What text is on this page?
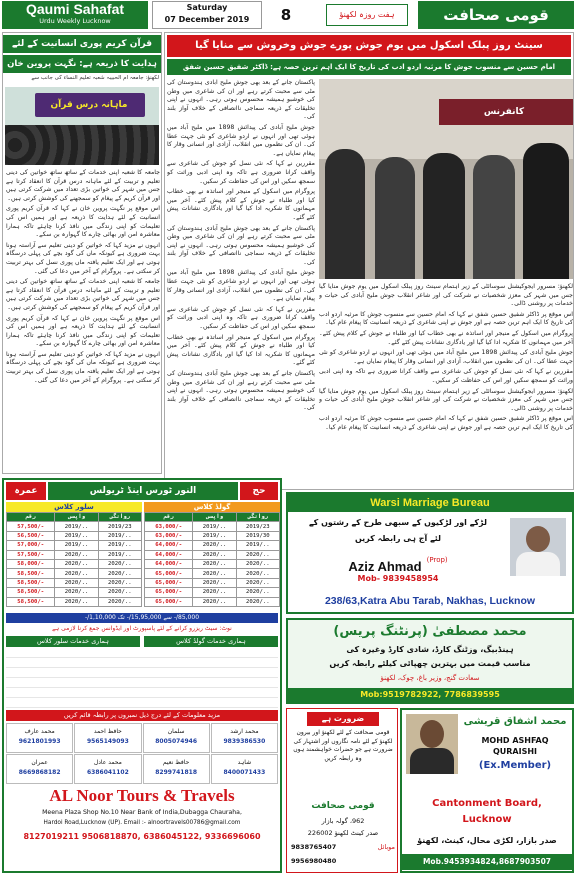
Qaumi Sahafat
Urdu Weekly Lucknow
Saturday
07 December 2019	8	ہفت روزہ لکھنؤ	قومی صحافت
قرآن کریم پوری انسانیت کے لئے
ہدایت کا ذریعہ ہے: نگہت پروین خان
لکھنؤ: جامعہ ام الحبیبہ شعبہ تعلیم النساء کی جانب سے
ماہانہ درس قرآن

جامعہ کا شعبہ اپنی خدمات کے ساتھ ساتھ خواتین کی دینی تعلیم و تربیت کے لئے ماہانہ درس قرآن کا انعقاد کرتا ہے جس میں شہر کی خواتین بڑی تعداد میں شرکت کرتی ہیں اور قرآن کریم کے پیغام کو سمجھنے کی کوشش کرتی ہیں۔

اس موقع پر نگہت پروین خان نے کہا کہ قرآن کریم پوری انسانیت کے لئے ہدایت کا ذریعہ ہے اور ہمیں اس کی تعلیمات کو اپنی زندگی میں نافذ کرنا چاہئے تاکہ ہمارا معاشرہ امن اور بھائی چارے کا گہوارہ بن سکے۔

انہوں نے مزید کہا کہ خواتین کو دینی تعلیم سے آراستہ ہونا بہت ضروری ہے کیونکہ ماں کی گود بچے کی پہلی درسگاہ ہوتی ہے اور ایک تعلیم یافتہ ماں پوری نسل کی بہتر تربیت کر سکتی ہے۔ پروگرام کے آخر میں دعا کی گئی۔

جامعہ کا شعبہ اپنی خدمات کے ساتھ ساتھ خواتین کی دینی تعلیم و تربیت کے لئے ماہانہ درس قرآن کا انعقاد کرتا ہے جس میں شہر کی خواتین بڑی تعداد میں شرکت کرتی ہیں اور قرآن کریم کے پیغام کو سمجھنے کی کوشش کرتی ہیں۔

اس موقع پر نگہت پروین خان نے کہا کہ قرآن کریم پوری انسانیت کے لئے ہدایت کا ذریعہ ہے اور ہمیں اس کی تعلیمات کو اپنی زندگی میں نافذ کرنا چاہئے تاکہ ہمارا معاشرہ امن اور بھائی چارے کا گہوارہ بن سکے۔

انہوں نے مزید کہا کہ خواتین کو دینی تعلیم سے آراستہ ہونا بہت ضروری ہے کیونکہ ماں کی گود بچے کی پہلی درسگاہ ہوتی ہے اور ایک تعلیم یافتہ ماں پوری نسل کی بہتر تربیت کر سکتی ہے۔ پروگرام کے آخر میں دعا کی گئی۔

سینٹ روز پبلک اسکول میں یوم جوش پورے جوش وخروش سے منایا گیا
امام حسین سے منسوب جوش کا مرثیہ اردو ادب کی تاریخ کا ایک اہم ترین حصہ ہے: ڈاکٹر شفیق حسین شفق

پاکستان جانے کے بعد بھی جوش ملیح آبادی ہندوستان کی مٹی سے محبت کرتے رہے اور ان کی شاعری میں وطن کی خوشبو ہمیشہ محسوس ہوتی رہی۔ انہوں نے اپنی تخلیقات کے ذریعہ سماجی ناانصافی کے خلاف آواز بلند کی۔

جوش ملیح آبادی کی پیدائش 1898 میں ملیح آباد میں ہوئی تھی اور انہوں نے اردو شاعری کو نئی جہت عطا کی۔ ان کی نظموں میں انقلاب، آزادی اور انسانی وقار کا پیغام نمایاں ہے۔

مقررین نے کہا کہ نئی نسل کو جوش کی شاعری سے واقف کرانا ضروری ہے تاکہ وہ اپنی ادبی وراثت کو سمجھ سکیں اور اس کی حفاظت کر سکیں۔

پروگرام میں اسکول کے منیجر اور اساتذہ نے بھی خطاب کیا اور طلباء نے جوش کے کلام پیش کئے۔ آخر میں مہمانوں کا شکریہ ادا کیا گیا اور یادگاری نشانات پیش کئے گئے۔

پاکستان جانے کے بعد بھی جوش ملیح آبادی ہندوستان کی مٹی سے محبت کرتے رہے اور ان کی شاعری میں وطن کی خوشبو ہمیشہ محسوس ہوتی رہی۔ انہوں نے اپنی تخلیقات کے ذریعہ سماجی ناانصافی کے خلاف آواز بلند کی۔

جوش ملیح آبادی کی پیدائش 1898 میں ملیح آباد میں ہوئی تھی اور انہوں نے اردو شاعری کو نئی جہت عطا کی۔ ان کی نظموں میں انقلاب، آزادی اور انسانی وقار کا پیغام نمایاں ہے۔

مقررین نے کہا کہ نئی نسل کو جوش کی شاعری سے واقف کرانا ضروری ہے تاکہ وہ اپنی ادبی وراثت کو سمجھ سکیں اور اس کی حفاظت کر سکیں۔

پروگرام میں اسکول کے منیجر اور اساتذہ نے بھی خطاب کیا اور طلباء نے جوش کے کلام پیش کئے۔ آخر میں مہمانوں کا شکریہ ادا کیا گیا اور یادگاری نشانات پیش کئے گئے۔

پاکستان جانے کے بعد بھی جوش ملیح آبادی ہندوستان کی مٹی سے محبت کرتے رہے اور ان کی شاعری میں وطن کی خوشبو ہمیشہ محسوس ہوتی رہی۔ انہوں نے اپنی تخلیقات کے ذریعہ سماجی ناانصافی کے خلاف آواز بلند کی۔

کانفرنس

لکھنؤ: مسرور ایجوکیشنل سوسائٹی کے زیر اہتمام سینٹ روز پبلک اسکول میں یوم جوش منایا گیا جس میں شہر کی معزز شخصیات نے شرکت کی اور شاعر انقلاب جوش ملیح آبادی کی حیات و خدمات پر روشنی ڈالی۔

اس موقع پر ڈاکٹر شفیق حسین شفق نے کہا کہ امام حسین سے منسوب جوش کا مرثیہ اردو ادب کی تاریخ کا ایک اہم ترین حصہ ہے اور جوش نے اپنی شاعری کے ذریعہ انسانیت کا پیغام عام کیا۔

پروگرام میں اسکول کے منیجر اور اساتذہ نے بھی خطاب کیا اور طلباء نے جوش کے کلام پیش کئے۔ آخر میں مہمانوں کا شکریہ ادا کیا گیا اور یادگاری نشانات پیش کئے گئے۔

جوش ملیح آبادی کی پیدائش 1898 میں ملیح آباد میں ہوئی تھی اور انہوں نے اردو شاعری کو نئی جہت عطا کی۔ ان کی نظموں میں انقلاب، آزادی اور انسانی وقار کا پیغام نمایاں ہے۔

مقررین نے کہا کہ نئی نسل کو جوش کی شاعری سے واقف کرانا ضروری ہے تاکہ وہ اپنی ادبی وراثت کو سمجھ سکیں اور اس کی حفاظت کر سکیں۔

لکھنؤ: مسرور ایجوکیشنل سوسائٹی کے زیر اہتمام سینٹ روز پبلک اسکول میں یوم جوش منایا گیا جس میں شہر کی معزز شخصیات نے شرکت کی اور شاعر انقلاب جوش ملیح آبادی کی حیات و خدمات پر روشنی ڈالی۔

اس موقع پر ڈاکٹر شفیق حسین شفق نے کہا کہ امام حسین سے منسوب جوش کا مرثیہ اردو ادب کی تاریخ کا ایک اہم ترین حصہ ہے اور جوش نے اپنی شاعری کے ذریعہ انسانیت کا پیغام عام کیا۔

عمرہ	النور ٹورس اینڈ ٹریولس	حج
سلور کلاس
رقم	واپسی	روانگی
57,500/-	2019/..	2019/23
56,500/-	2019/..	2019/..
57,000/-	2019/..	2019/..
57,500/-	2020/..	2019/..
58,000/-	2020/..	2020/..
58,500/-	2020/..	2020/..
58,500/-	2020/..	2020/..
58,500/-	2020/..	2020/..
58,500/-	2020/..	2020/..
گولڈ کلاس
رقم	واپسی	روانگی
63,000/-	2019/..	2019/23
63,000/-	2019/..	2019/30
64,000/-	2020/..	2019/..
64,000/-	2020/..	2020/..
64,000/-	2020/..	2020/..
65,000/-	2020/..	2020/..
65,000/-	2020/..	2020/..
65,000/-	2020/..	2020/..
65,000/-	2020/..	2020/..
85,000/- سے 15,95,000/- تک 1,10,000/-
نوٹ: سیٹ ریزرو کرانے کے لئے پاسپورٹ اور ایڈوانس جمع کرنا لازمی ہے
ہماری خدمات سلور کلاس	ہماری خدمات گولڈ کلاس
مزید معلومات کے لئے درج ذیل نمبروں پر رابطہ قائم کریں
محمد عارف
9621801993
حافظ احمد
9565149093
سلمان
8005074946
محمد ارشد
9839386530
عمران
8669868182
محمد عادل
6386041102
حافظ نعیم
8299741818
شاہد
8400071433
AL Noor Tours & Travels
Meena Plaza Shop No.10 Near Bank of India,Dubagga Chauraha,
Hardoi Road,Lucknow (UP). Email :- alnoortravels00786@gmail.com
8127019211 9506818870, 6386045122, 9336696060
Warsi Marriage Bureau
لڑکے اور لڑکیوں کے سبھی طرح کے رشتوں کے
لئے آج ہی رابطہ کریں
Aziz Ahmad $^{(Prop)}$
Mob- 9839458954
238/63,Katra Abu Tarab, Nakhas, Lucknow
محمد مصطفیٰ (پرنٹنگ پریس)
ہینڈبیگ، وزٹنگ کارڈ، شادی کارڈ وغیرہ کی
مناسب قیمت میں بہترین چھپائی کیلئے رابطہ کریں
سعادت گنج، وزیر باغ، چوک، لکھنؤ
Mob:9519782922, 7786839595
ضرورت ہے
قومی صحافت کے لئے لکھنؤ اور بیرون لکھنؤ کے لئے نامہ نگاروں اور اشتہار کی ضرورت ہے جو حضرات خواہشمند ہوں وہ رابطہ کریں
قومی صحافت
962، گولہ بازار
صدر کینٹ لکھنؤ 226002
موبائل
9838765407
9956980480
محمد اشفاق قریشی
MOHD ASHFAQ
QURAISHI
(Ex.Member)
Cantonment Board,
Lucknow
صدر بازار، لکڑی محال، کینٹ، لکھنؤ
Mob.9453934824,8687903507
